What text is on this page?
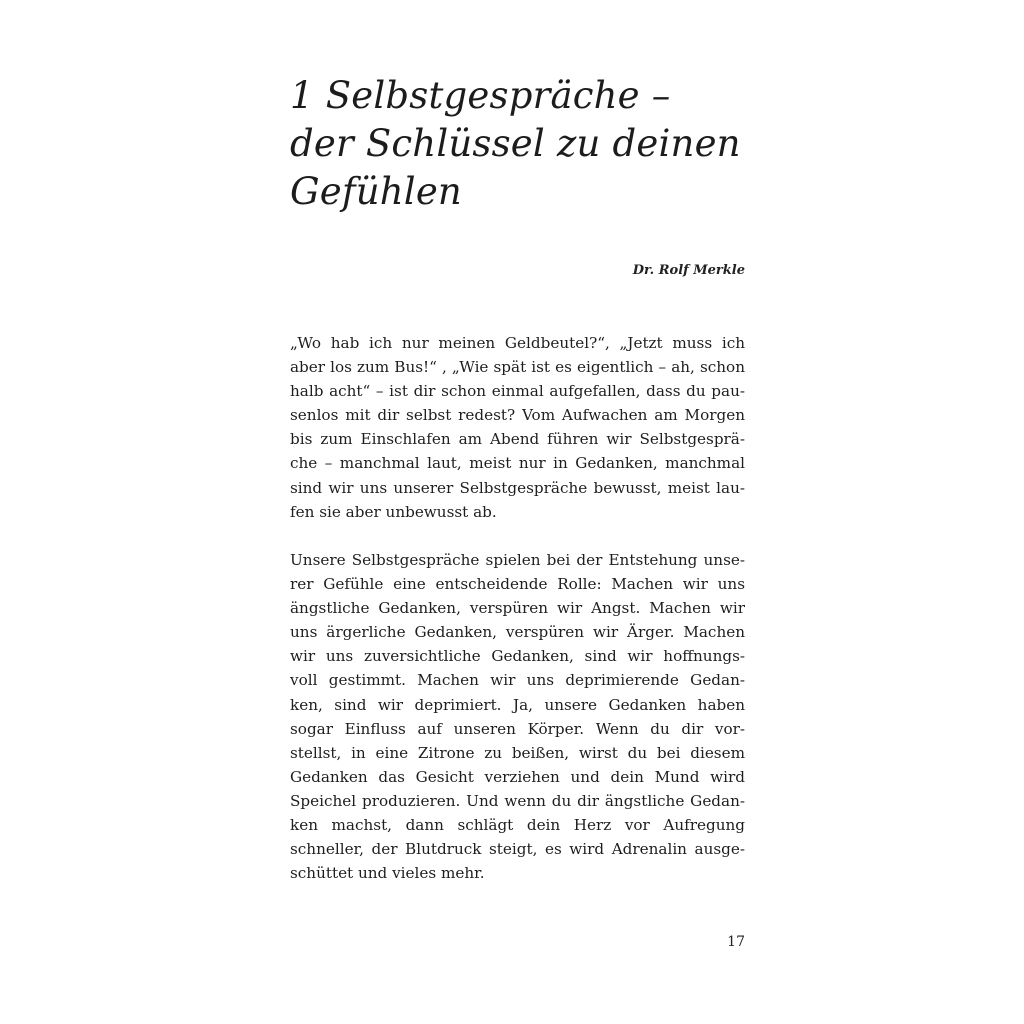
1 Selbstgespräche –
der Schlüssel zu deinen
Gefühlen
Dr. Rolf Merkle
„Wo hab ich nur meinen Geldbeutel?“, „Jetzt muss ich
aber los zum Bus!“ , „Wie spät ist es eigentlich – ah, schon
halb acht“ – ist dir schon einmal aufgefallen, dass du pau-
senlos mit dir selbst redest? Vom Aufwachen am Morgen
bis zum Einschlafen am Abend führen wir Selbstgesprä-
che – manchmal laut, meist nur in Gedanken, manchmal
sind wir uns unserer Selbstgespräche bewusst, meist lau-
fen sie aber unbewusst ab.
Unsere Selbstgespräche spielen bei der Entstehung unse-
rer Gefühle eine entscheidende Rolle: Machen wir uns
ängstliche Gedanken, verspüren wir Angst. Machen wir
uns ärgerliche Gedanken, verspüren wir Ärger. Machen
wir uns zuversichtliche Gedanken, sind wir hoffnungs-
voll gestimmt. Machen wir uns deprimierende Gedan-
ken, sind wir deprimiert. Ja, unsere Gedanken haben
sogar Einfluss auf unseren Körper. Wenn du dir vor-
stellst, in eine Zitrone zu beißen, wirst du bei diesem
Gedanken das Gesicht verziehen und dein Mund wird
Speichel produzieren. Und wenn du dir ängstliche Gedan-
ken machst, dann schlägt dein Herz vor Aufregung
schneller, der Blutdruck steigt, es wird Adrenalin ausge-
schüttet und vieles mehr.
17
